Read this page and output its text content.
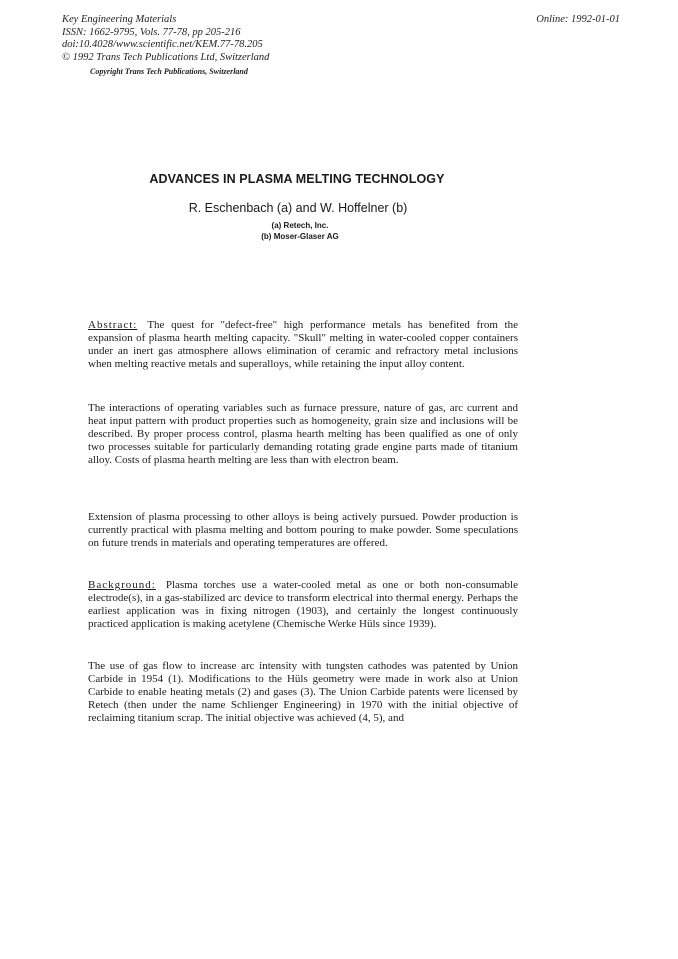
Key Engineering Materials
ISSN: 1662-9795, Vols. 77-78, pp 205-216
doi:10.4028/www.scientific.net/KEM.77-78.205
© 1992 Trans Tech Publications Ltd, Switzerland
Online: 1992-01-01
Copyright Trans Tech Publications, Switzerland
ADVANCES IN PLASMA MELTING TECHNOLOGY
R. Eschenbach (a) and W. Hoffelner (b)
(a) Retech, Inc.
(b) Moser-Glaser AG

Abstract: The quest for "defect-free" high performance metals has benefited from the expansion of plasma hearth melting capacity. "Skull" melting in water-cooled copper containers under an inert gas atmosphere allows elimination of ceramic and refractory metal inclusions when melting reactive metals and superalloys, while retaining the input alloy content.

The interactions of operating variables such as furnace pressure, nature of gas, arc current and heat input pattern with product properties such as homogeneity, grain size and inclusions will be described. By proper process control, plasma hearth melting has been qualified as one of only two processes suitable for particularly demanding rotating grade engine parts made of titanium alloy. Costs of plasma hearth melting are less than with electron beam.

Extension of plasma processing to other alloys is being actively pursued. Powder production is currently practical with plasma melting and bottom pouring to make powder. Some speculations on future trends in materials and operating temperatures are offered.

Background: Plasma torches use a water-cooled metal as one or both non-consumable electrode(s), in a gas-stabilized arc device to transform electrical into thermal energy. Perhaps the earliest application was in fixing nitrogen (1903), and certainly the longest continuously practiced application is making acetylene (Chemische Werke Hüls since 1939).

The use of gas flow to increase arc intensity with tungsten cathodes was patented by Union Carbide in 1954 (1). Modifications to the Hüls geometry were made in work also at Union Carbide to enable heating metals (2) and gases (3). The Union Carbide patents were licensed by Retech (then under the name Schlienger Engineering) in 1970 with the initial objective of reclaiming titanium scrap. The initial objective was achieved (4, 5), and
